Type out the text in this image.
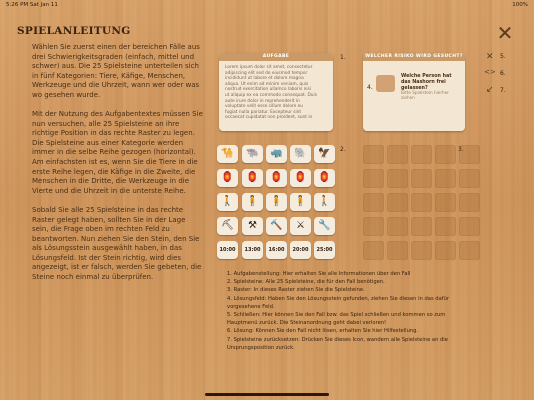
5:26 PM Sat Jan 11	100%
SPIELANLEITUNG	✕

Wählen Sie zuerst einen der bereichen Fälle aus drei Schwierigkeitsgraden (einfach, mittel und schwer) aus. Die 25 Spielsteine unterteilen sich in fünf Kategorien: Tiere, Käfige, Menschen, Werkzeuge und die Uhrzeit, wann wer oder was wo gesehen wurde.

Mit der Nutzung des Aufgabentextes müssen Sie nun versuchen, alle 25 Spielsteine an ihre richtige Position in das rechte Raster zu legen. Die Spielsteine aus einer Kategorie werden immer in die selbe Reihe gezogen (horizontal). Am einfachsten ist es, wenn Sie die Tiere in die erste Reihe legen, die Käfige in die Zweite, die Menschen in die Dritte, die Werkzeuge in die Vierte und die Uhrzeit in die unterste Reihe.

Sobald Sie alle 25 Spielsteine in das rechte Raster gelegt haben, sollten Sie in der Lage sein, die Frage oben im rechten Feld zu beantworten. Nun ziehen Sie den Stein, den Sie als Lösungsstein ausgewählt haben, in das Lösungsfeld. Ist der Stein richtig, wird dies angezeigt, ist er falsch, werden Sie gebeten, die Steine noch einmal zu überprüfen.

AUFGABE
Lorem ipsum dolor sit amet, consectetur
adipiscing elit sed do eiusmod tempor
incididunt ut labore et dolore magna
aliqua. Ut enim ad minim veniam, quis
nostrud exercitation ullamco laboris nisi
ut aliquip ex ea commodo consequat. Duis
aute irure dolor in reprehenderit in
voluptate velit esse cillum dolore eu
fugiat nulla pariatur. Excepteur sint
occaecat cupidatat non proident, sunt in
1.	WELCHER RISIKO WIRD GESUCHT?
Welche Person hat das Nashorn frei gelassen?
Bitte Spielstein hierher ziehen
4.
✕ 5.
<> 6.
↙ 7.
2.	3.
🐪	🐃	🦏	🐘	🦅
🏮	🏮	🏮	🏮	🏮
🚶	🧍	🧍	🧍	🚶
⛏	⚒	🔨	⚔	🔧
10:00	13:00	16:00	20:00	25:00
1. Aufgabenstellung: Hier erhalten Sie alle Informationen über den Fall
2. Spielsteine: Alle 25 Spielsteine, die für den Fall benötigen.
3. Raster: In dieses Raster ziehen Sie die Spielsteine.
4. Lösungsfeld: Haben Sie den Lösungsstein gefunden, ziehen Sie diesen in das dafür vorgesehene Feld.
5. Schließen: Hier können Sie den Fall bzw. das Spiel schließen und kommen so zum Hauptmenü zurück. Die Steinanordnung geht dabei verloren!
6. Lösung: Können Sie den Fall nicht lösen, erhalten Sie hier Hilfestellung.
7. Spielsteine zurücksetzen: Drücken Sie dieses Icon, wandern alle Spielsteine an die Ursprungsposition zurück.
